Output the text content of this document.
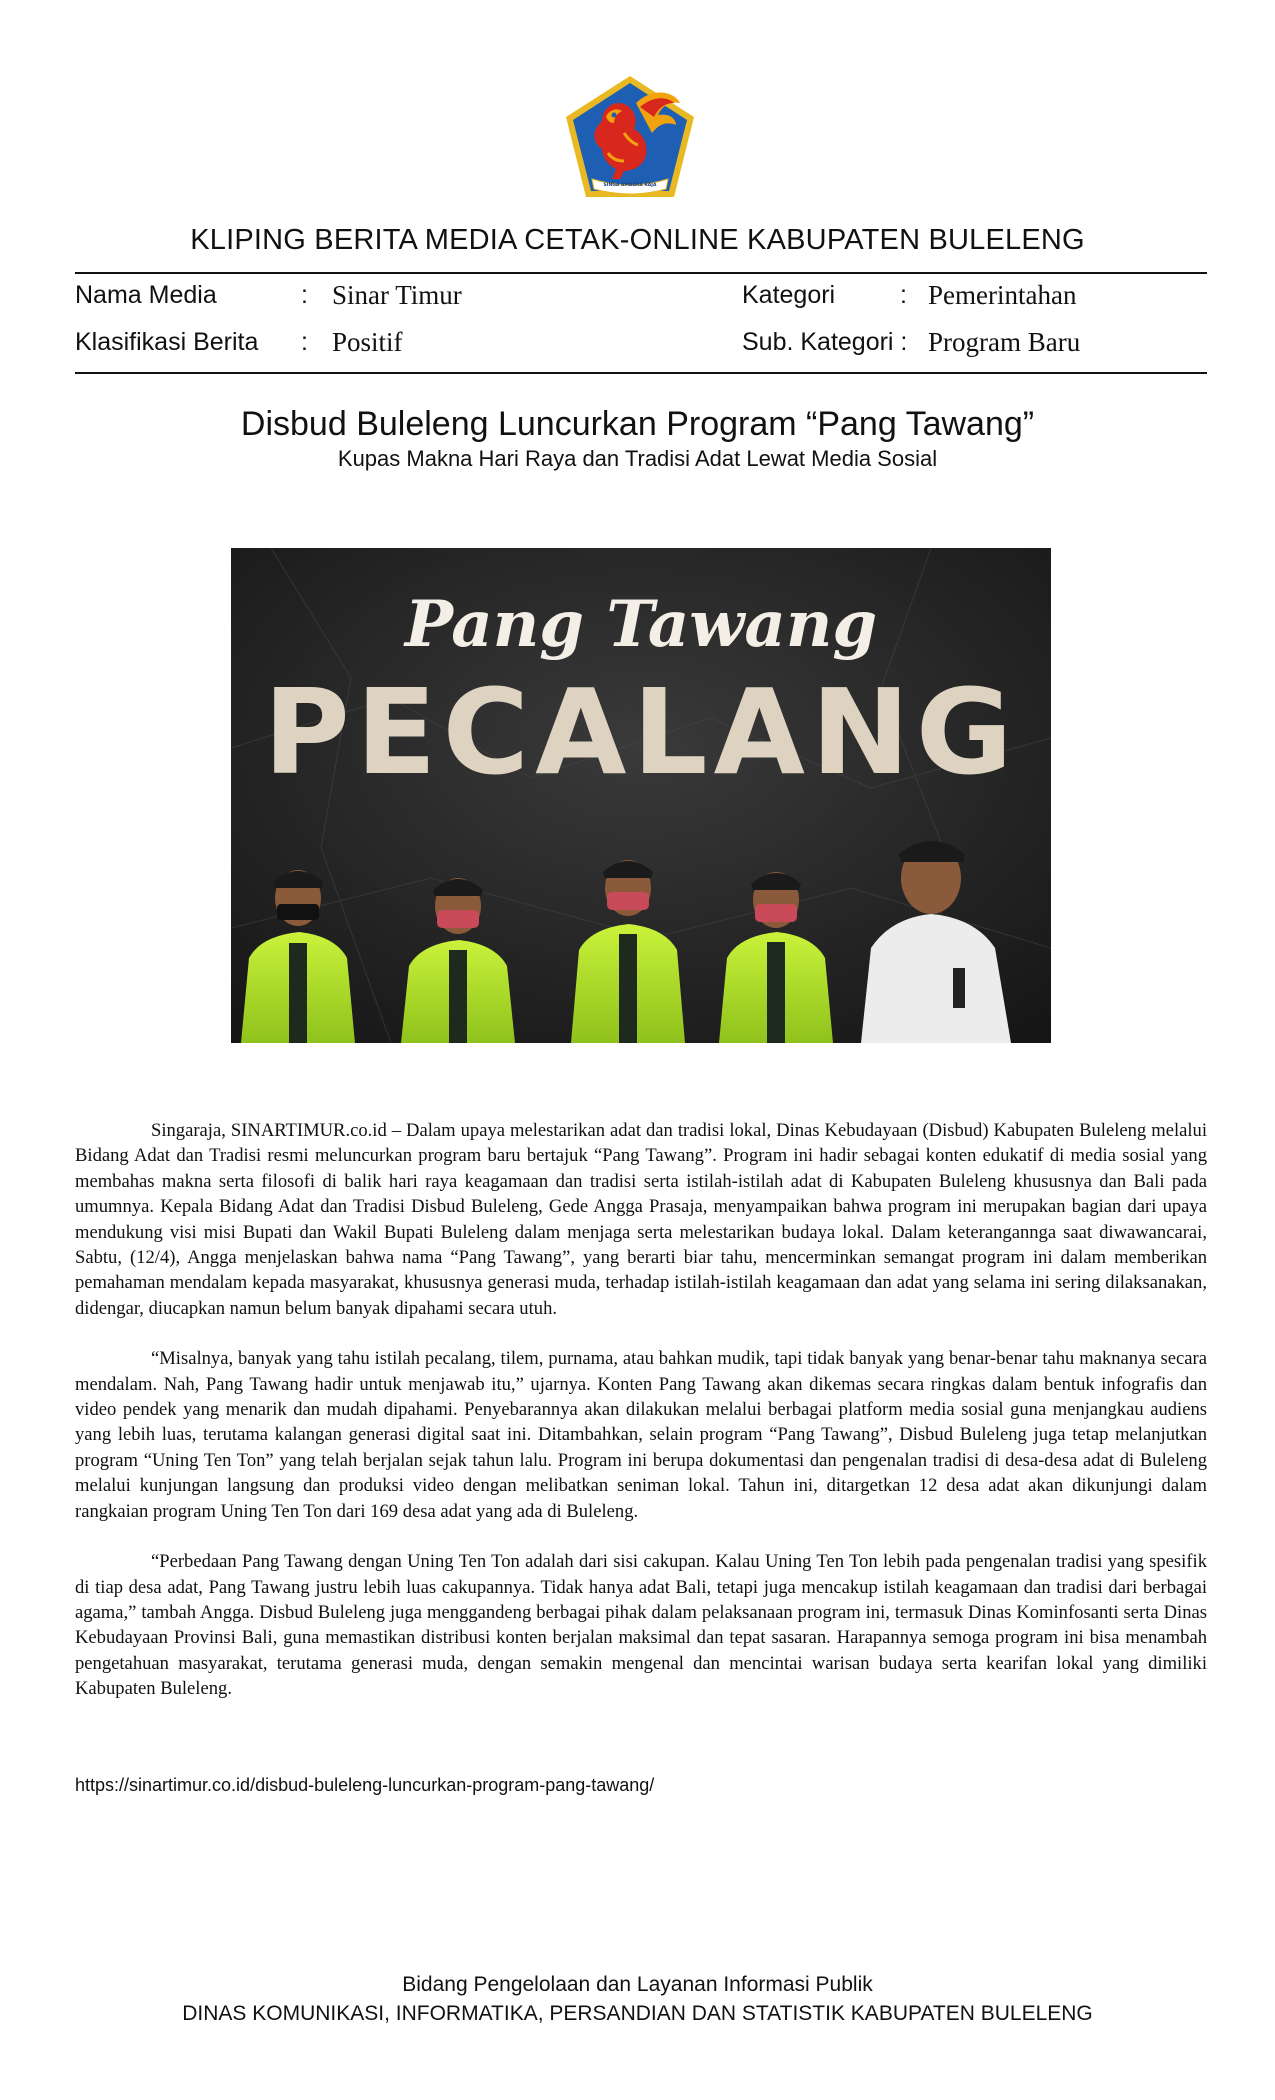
SINGA AMBARA RAJA
KLIPING BERITA MEDIA CETAK-ONLINE KABUPATEN BULELENG
Nama Media	: Sinar Timur	Kategori	: Pemerintahan
Klasifikasi Berita : Positif	Sub. Kategori : Program Baru
Disbud Buleleng Luncurkan Program “Pang Tawang”
Kupas Makna Hari Raya dan Tradisi Adat Lewat Media Sosial
Pang Tawang
PECALANG

Singaraja, SINARTIMUR.co.id – Dalam upaya melestarikan adat dan tradisi lokal, Dinas Kebudayaan (Disbud) Kabupaten Buleleng melalui Bidang Adat dan Tradisi resmi meluncurkan program baru bertajuk “Pang Tawang”. Program ini hadir sebagai konten edukatif di media sosial yang membahas makna serta filosofi di balik hari raya keagamaan dan tradisi serta istilah-istilah adat di Kabupaten Buleleng khususnya dan Bali pada umumnya. Kepala Bidang Adat dan Tradisi Disbud Buleleng, Gede Angga Prasaja, menyampaikan bahwa program ini merupakan bagian dari upaya mendukung visi misi Bupati dan Wakil Bupati Buleleng dalam menjaga serta melestarikan budaya lokal. Dalam keterangannga saat diwawancarai, Sabtu, (12/4), Angga menjelaskan bahwa nama “Pang Tawang”, yang berarti biar tahu, mencerminkan semangat program ini dalam memberikan pemahaman mendalam kepada masyarakat, khususnya generasi muda, terhadap istilah-istilah keagamaan dan adat yang selama ini sering dilaksanakan, didengar, diucapkan namun belum banyak dipahami secara utuh.

“Misalnya, banyak yang tahu istilah pecalang, tilem, purnama, atau bahkan mudik, tapi tidak banyak yang benar-benar tahu maknanya secara mendalam. Nah, Pang Tawang hadir untuk menjawab itu,” ujarnya. Konten Pang Tawang akan dikemas secara ringkas dalam bentuk infografis dan video pendek yang menarik dan mudah dipahami. Penyebarannya akan dilakukan melalui berbagai platform media sosial guna menjangkau audiens yang lebih luas, terutama kalangan generasi digital saat ini. Ditambahkan, selain program “Pang Tawang”, Disbud Buleleng juga tetap melanjutkan program “Uning Ten Ton” yang telah berjalan sejak tahun lalu. Program ini berupa dokumentasi dan pengenalan tradisi di desa-desa adat di Buleleng melalui kunjungan langsung dan produksi video dengan melibatkan seniman lokal. Tahun ini, ditargetkan 12 desa adat akan dikunjungi dalam rangkaian program Uning Ten Ton dari 169 desa adat yang ada di Buleleng.

“Perbedaan Pang Tawang dengan Uning Ten Ton adalah dari sisi cakupan. Kalau Uning Ten Ton lebih pada pengenalan tradisi yang spesifik di tiap desa adat, Pang Tawang justru lebih luas cakupannya. Tidak hanya adat Bali, tetapi juga mencakup istilah keagamaan dan tradisi dari berbagai agama,” tambah Angga. Disbud Buleleng juga menggandeng berbagai pihak dalam pelaksanaan program ini, termasuk Dinas Kominfosanti serta Dinas Kebudayaan Provinsi Bali, guna memastikan distribusi konten berjalan maksimal dan tepat sasaran. Harapannya semoga program ini bisa menambah pengetahuan masyarakat, terutama generasi muda, dengan semakin mengenal dan mencintai warisan budaya serta kearifan lokal yang dimiliki Kabupaten Buleleng.

https://sinartimur.co.id/disbud-buleleng-luncurkan-program-pang-tawang/
Bidang Pengelolaan dan Layanan Informasi Publik
DINAS KOMUNIKASI, INFORMATIKA, PERSANDIAN DAN STATISTIK KABUPATEN BULELENG
